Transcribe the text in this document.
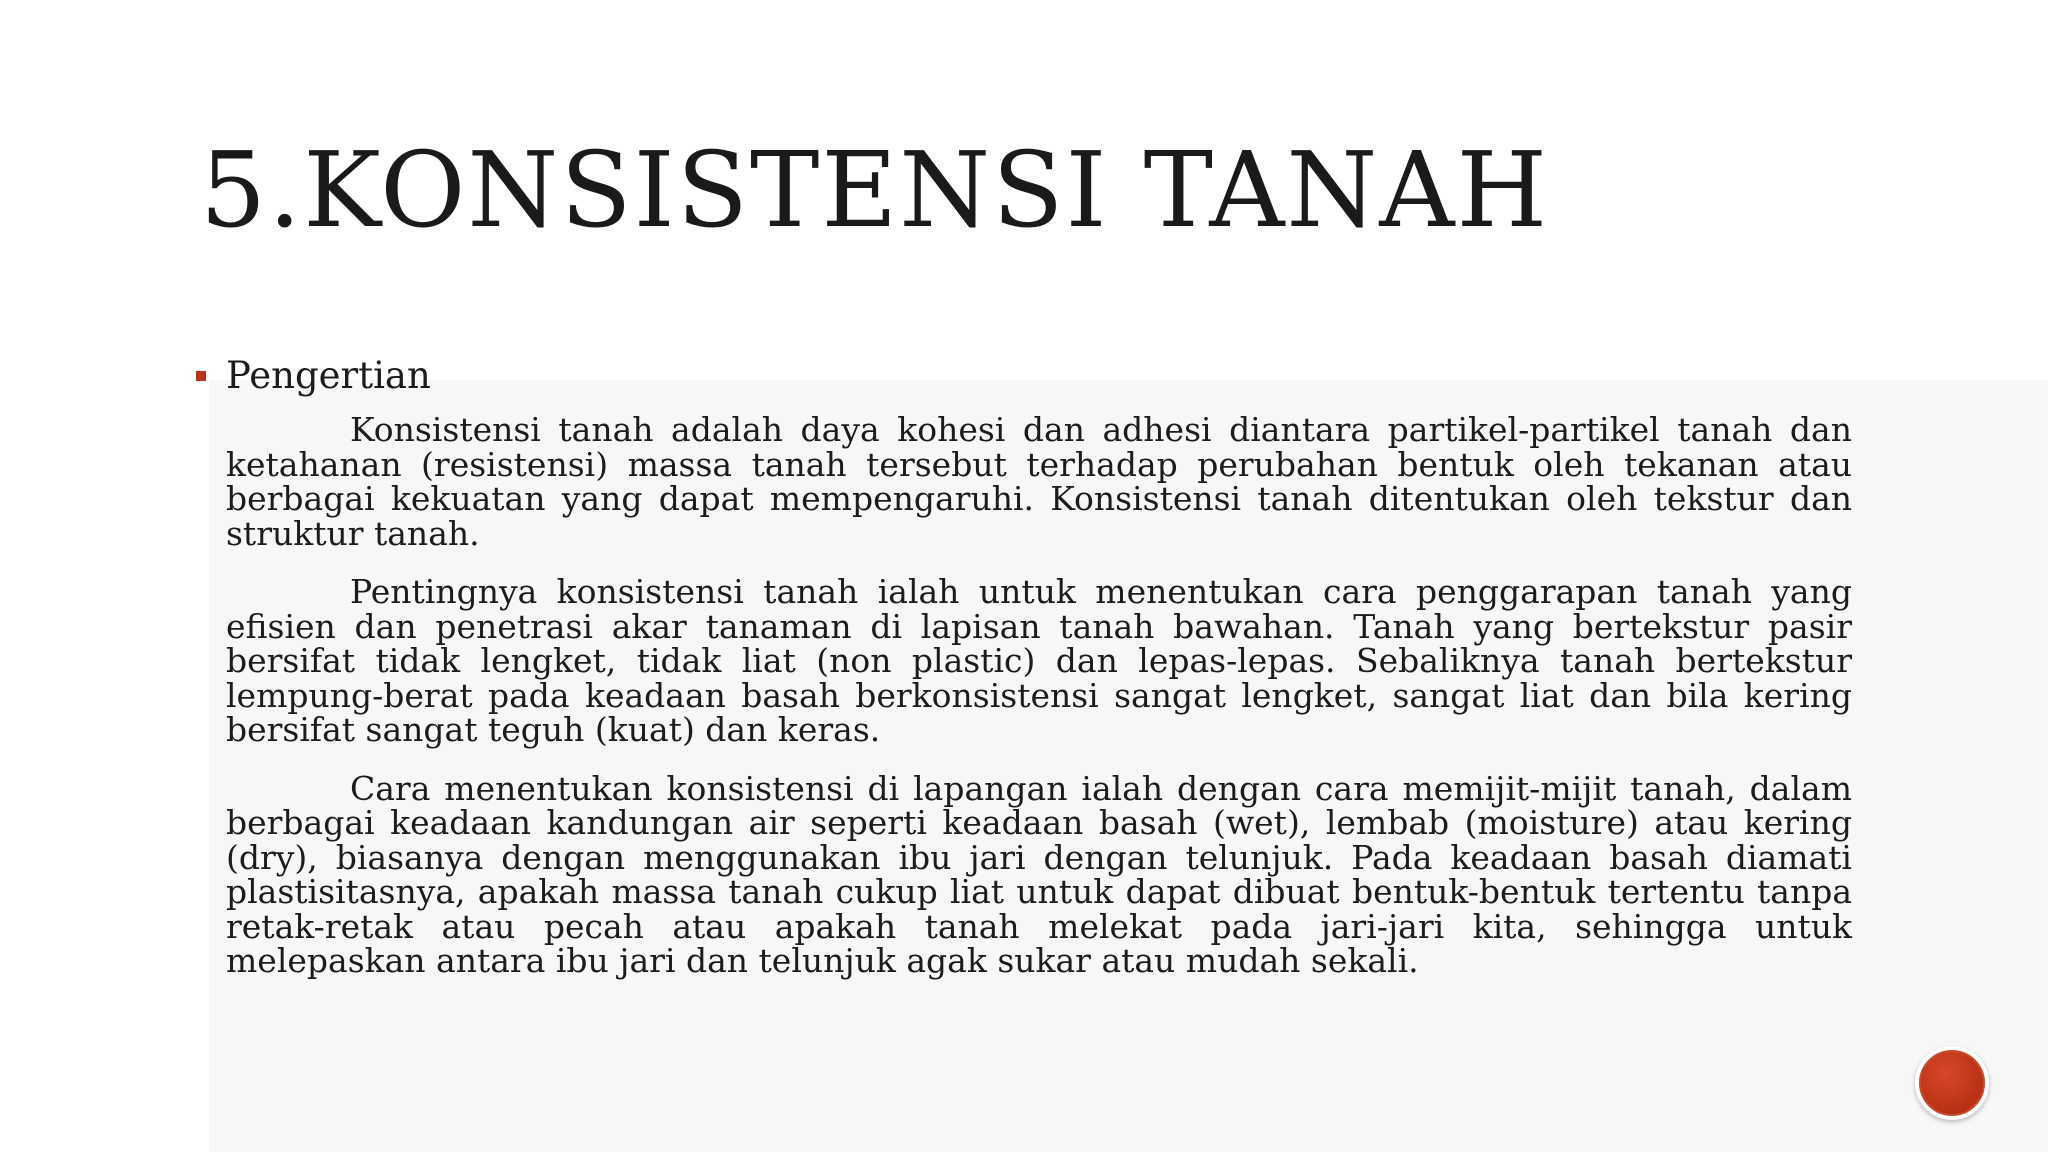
5.KONSISTENSI TANAH
Pengertian

Konsistensi tanah adalah daya kohesi dan adhesi diantara partikel-partikel tanah dan ketahanan (resistensi) massa tanah tersebut terhadap perubahan bentuk oleh tekanan atau berbagai kekuatan yang dapat mempengaruhi. Konsistensi tanah ditentukan oleh tekstur dan struktur tanah.

Pentingnya konsistensi tanah ialah untuk menentukan cara penggarapan tanah yang efisien dan penetrasi akar tanaman di lapisan tanah bawahan. Tanah yang bertekstur pasir bersifat tidak lengket, tidak liat (non plastic) dan lepas-lepas. Sebaliknya tanah bertekstur lempung-berat pada keadaan basah berkonsistensi sangat lengket, sangat liat dan bila kering bersifat sangat teguh (kuat) dan keras.

Cara menentukan konsistensi di lapangan ialah dengan cara memijit-mijit tanah, dalam berbagai keadaan kandungan air seperti keadaan basah (wet), lembab (moisture) atau kering (dry), biasanya dengan menggunakan ibu jari dengan telunjuk. Pada keadaan basah diamati plastisitasnya, apakah massa tanah cukup liat untuk dapat dibuat bentuk-bentuk tertentu tanpa retak-retak atau pecah atau apakah tanah melekat pada jari-jari kita, sehingga untuk melepaskan antara ibu jari dan telunjuk agak sukar atau mudah sekali.
